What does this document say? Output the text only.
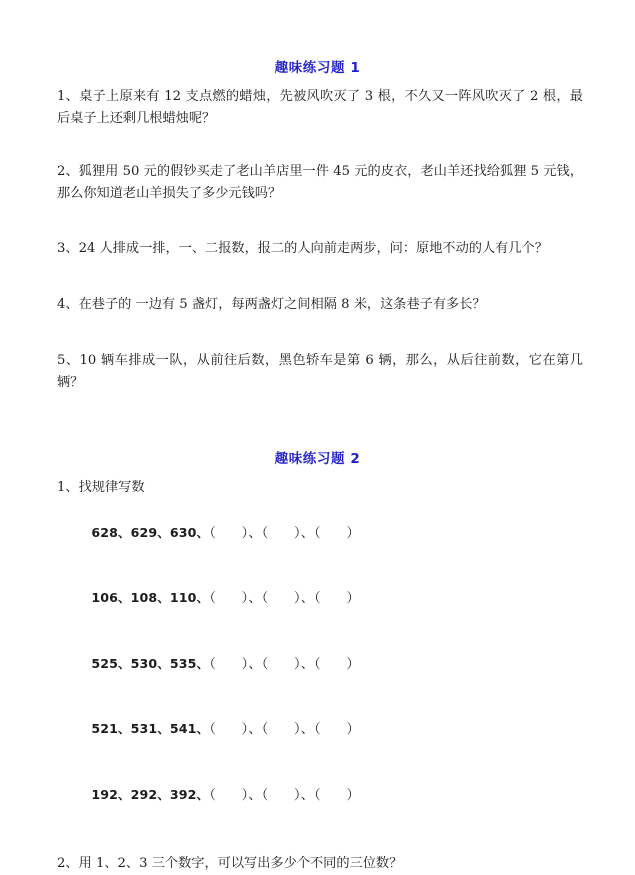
趣味练习题 1

1、桌子上原来有 12 支点燃的蜡烛，先被风吹灭了 3 根，不久又一阵风吹灭了 2 根，最后桌子上还剩几根蜡烛呢？

2、狐狸用 50 元的假钞买走了老山羊店里一件 45 元的皮衣，老山羊还找给狐狸 5 元钱，那么你知道老山羊损失了多少元钱吗？

3、24 人排成一排，一、二报数，报二的人向前走两步，问：原地不动的人有几个？

4、在巷子的 一边有 5 盏灯，每两盏灯之间相隔 8 米，这条巷子有多长？

5、10 辆车排成一队，从前往后数，黑色轿车是第 6 辆，那么，从后往前数，它在第几辆？

趣味练习题 2

1、找规律写数

628、629、630、（      ）、（      ）、（      ）

106、108、110、（      ）、（      ）、（      ）

525、530、535、（      ）、（      ）、（      ）

521、531、541、（      ）、（      ）、（      ）

192、292、392、（      ）、（      ）、（      ）

2、用 1、2、3 三个数字，可以写出多少个不同的三位数？
